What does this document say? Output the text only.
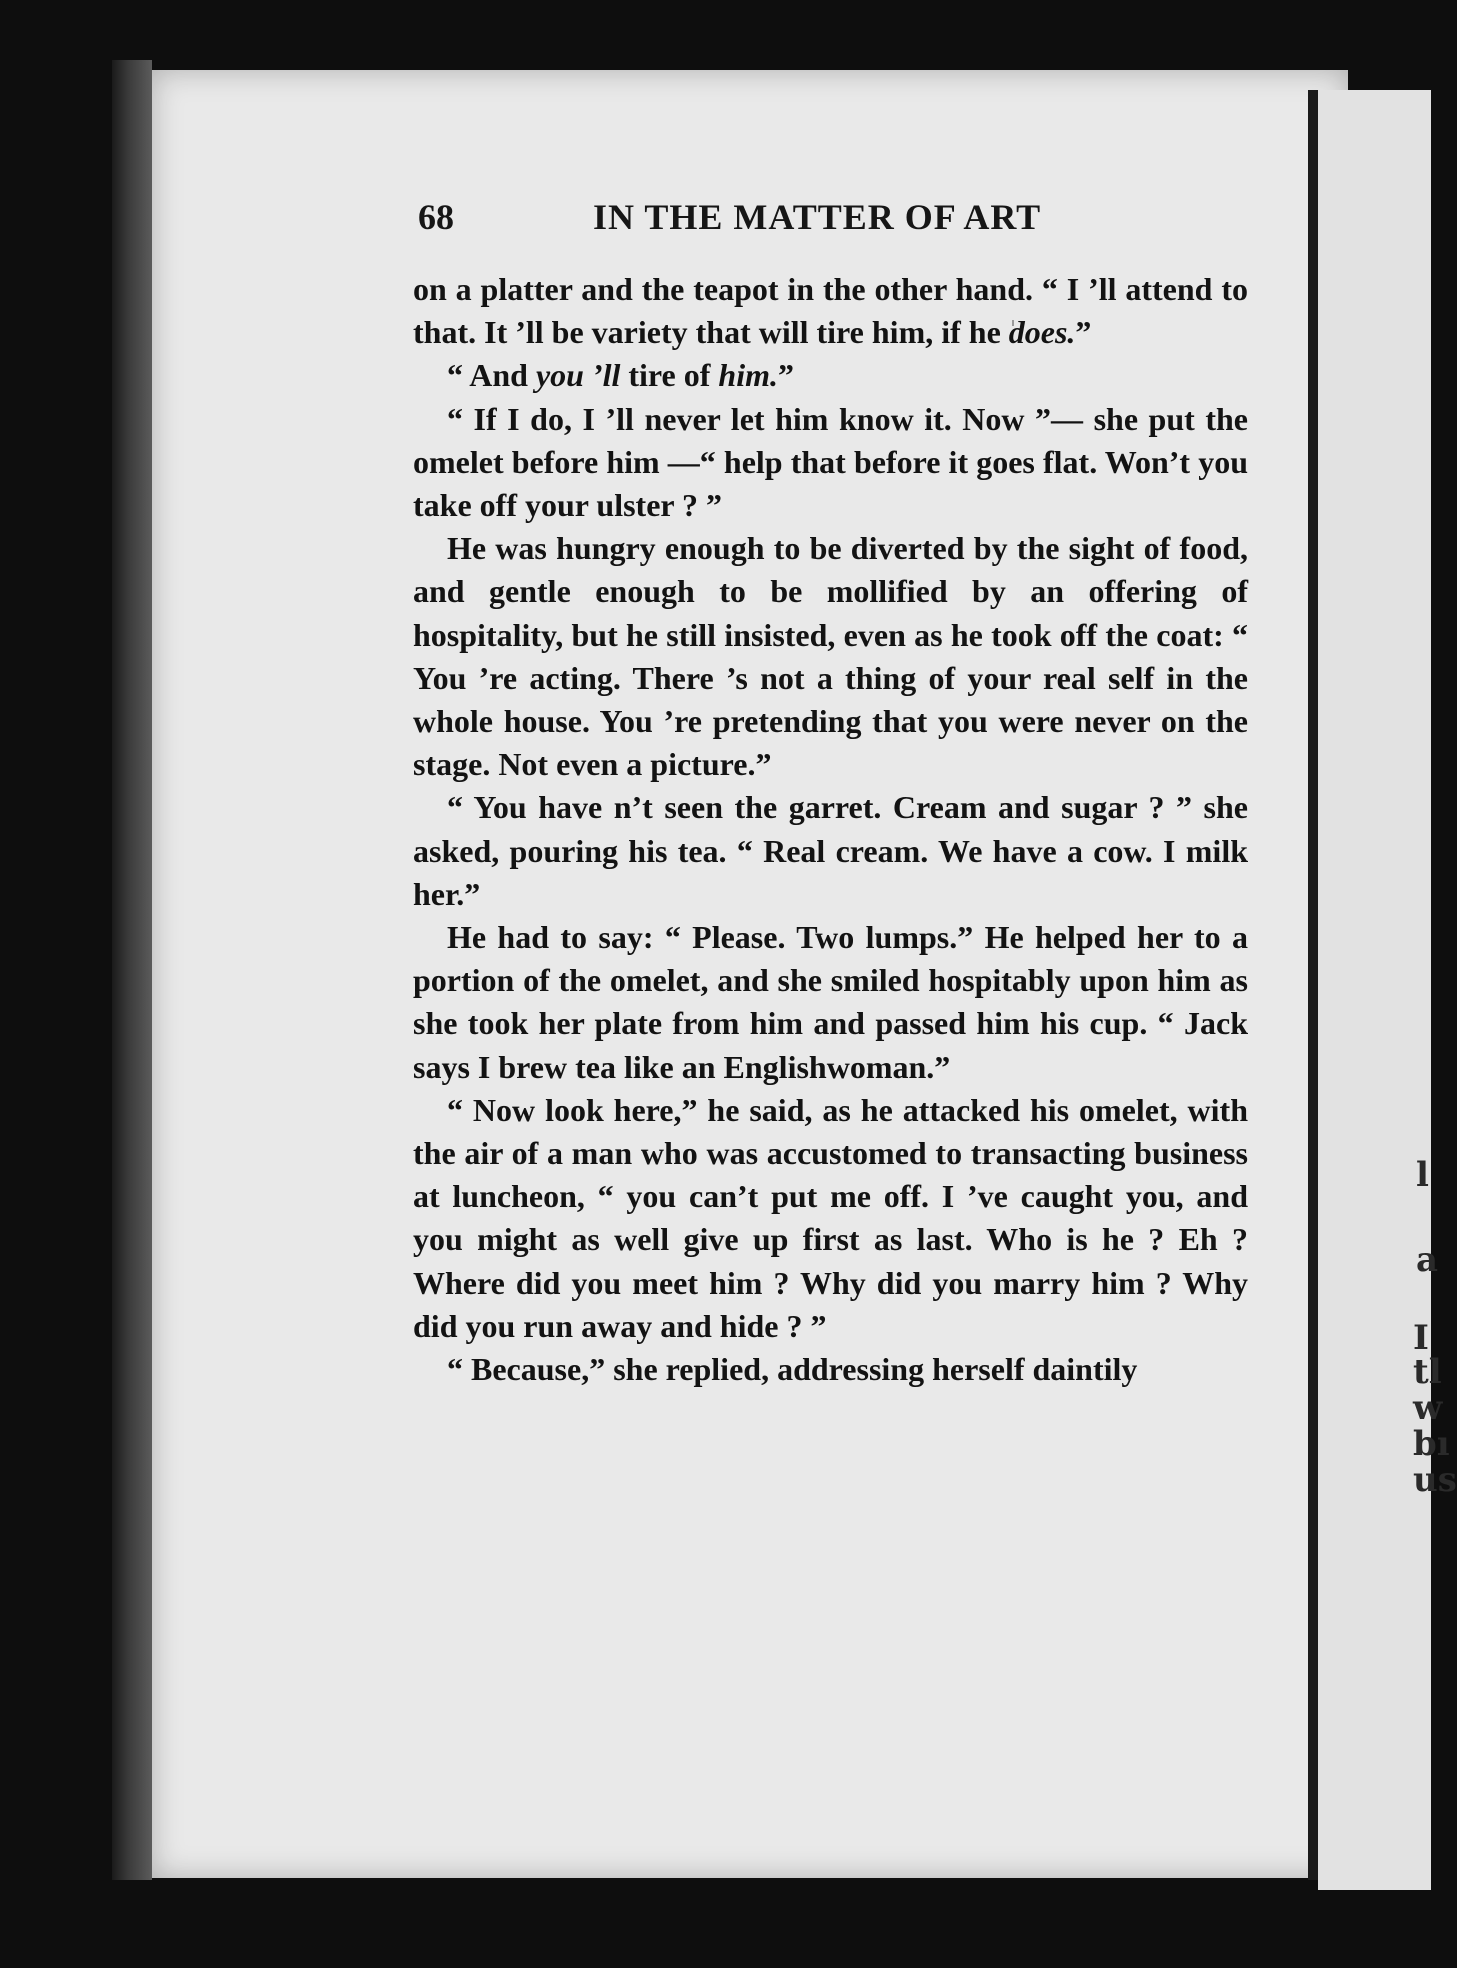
68	IN THE MATTER OF ART

on a platter and the teapot in the other hand. “ I ’ll attend to that. It ’ll be variety that will tire him, if he does.”

“ And you ’ll tire of him.”

“ If I do, I ’ll never let him know it. Now ”— she put the omelet before him —“ help that before it goes flat. Won’t you take off your ulster ? ”

He was hungry enough to be diverted by the sight of food, and gentle enough to be mollified by an offering of hospitality, but he still insisted, even as he took off the coat: “ You ’re acting. There ’s not a thing of your real self in the whole house. You ’re pretending that you were never on the stage. Not even a picture.”

“ You have n’t seen the garret. Cream and sugar ? ” she asked, pouring his tea. “ Real cream. We have a cow. I milk her.”

He had to say: “ Please. Two lumps.” He helped her to a portion of the omelet, and she smiled hospitably upon him as she took her plate from him and passed him his cup. “ Jack says I brew tea like an Englishwoman.”

“ Now look here,” he said, as he attacked his omelet, with the air of a man who was accustomed to transacting business at luncheon, “ you can’t put me off. I ’ve caught you, and you might as well give up first as last. Who is he ? Eh ? Where did you meet him ? Why did you marry him ? Why did you run away and hide ? ”

“ Because,” she replied, addressing herself daintily

l
a
I
tl
w
bı
us
